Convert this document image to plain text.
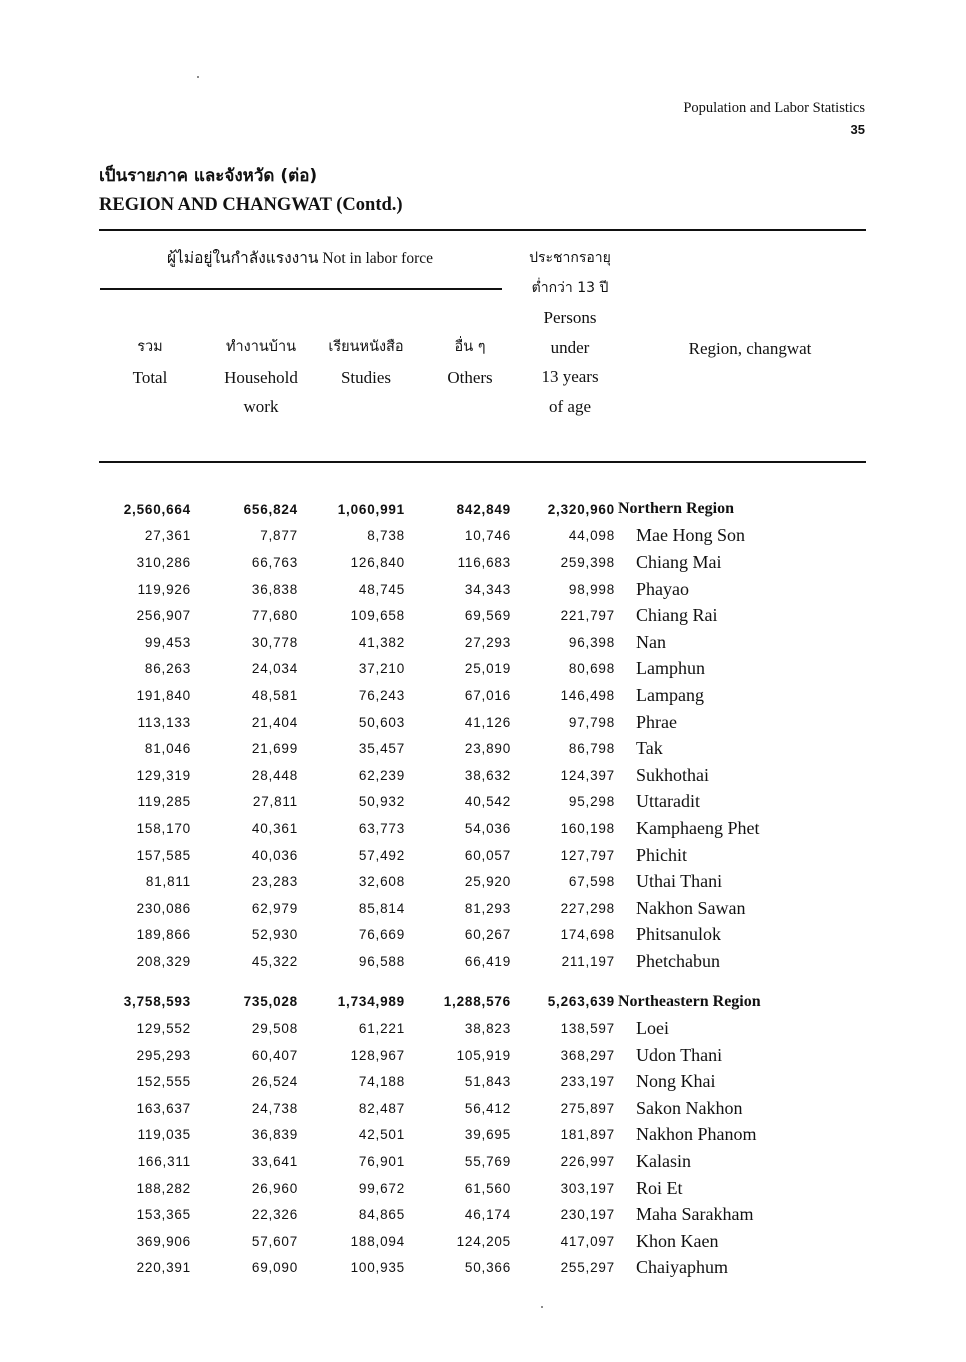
Population and Labor Statistics
35
เป็นรายภาค และจังหวัด (ต่อ)
REGION AND CHANGWAT (Contd.)
ผู้ไม่อยู่ในกำลังแรงงาน Not in labor force
รวม
Total
ทำงานบ้าน
Household
work
เรียนหนังสือ
Studies
อื่น ๆ
Others
ประชากรอายุ
ต่ำกว่า 13 ปี
Persons
under
13 years
of age
Region, changwat
2,560,664	656,824	1,060,991	842,849	2,320,960	Northern Region
27,361	7,877	8,738	10,746	44,098	Mae Hong Son
310,286	66,763	126,840	116,683	259,398	Chiang Mai
119,926	36,838	48,745	34,343	98,998	Phayao
256,907	77,680	109,658	69,569	221,797	Chiang Rai
99,453	30,778	41,382	27,293	96,398	Nan
86,263	24,034	37,210	25,019	80,698	Lamphun
191,840	48,581	76,243	67,016	146,498	Lampang
113,133	21,404	50,603	41,126	97,798	Phrae
81,046	21,699	35,457	23,890	86,798	Tak
129,319	28,448	62,239	38,632	124,397	Sukhothai
119,285	27,811	50,932	40,542	95,298	Uttaradit
158,170	40,361	63,773	54,036	160,198	Kamphaeng Phet
157,585	40,036	57,492	60,057	127,797	Phichit
81,811	23,283	32,608	25,920	67,598	Uthai Thani
230,086	62,979	85,814	81,293	227,298	Nakhon Sawan
189,866	52,930	76,669	60,267	174,698	Phitsanulok
208,329	45,322	96,588	66,419	211,197	Phetchabun

3,758,593	735,028	1,734,989	1,288,576	5,263,639	Northeastern Region
129,552	29,508	61,221	38,823	138,597	Loei
295,293	60,407	128,967	105,919	368,297	Udon Thani
152,555	26,524	74,188	51,843	233,197	Nong Khai
163,637	24,738	82,487	56,412	275,897	Sakon Nakhon
119,035	36,839	42,501	39,695	181,897	Nakhon Phanom
166,311	33,641	76,901	55,769	226,997	Kalasin
188,282	26,960	99,672	61,560	303,197	Roi Et
153,365	22,326	84,865	46,174	230,197	Maha Sarakham
369,906	57,607	188,094	124,205	417,097	Khon Kaen
220,391	69,090	100,935	50,366	255,297	Chaiyaphum
